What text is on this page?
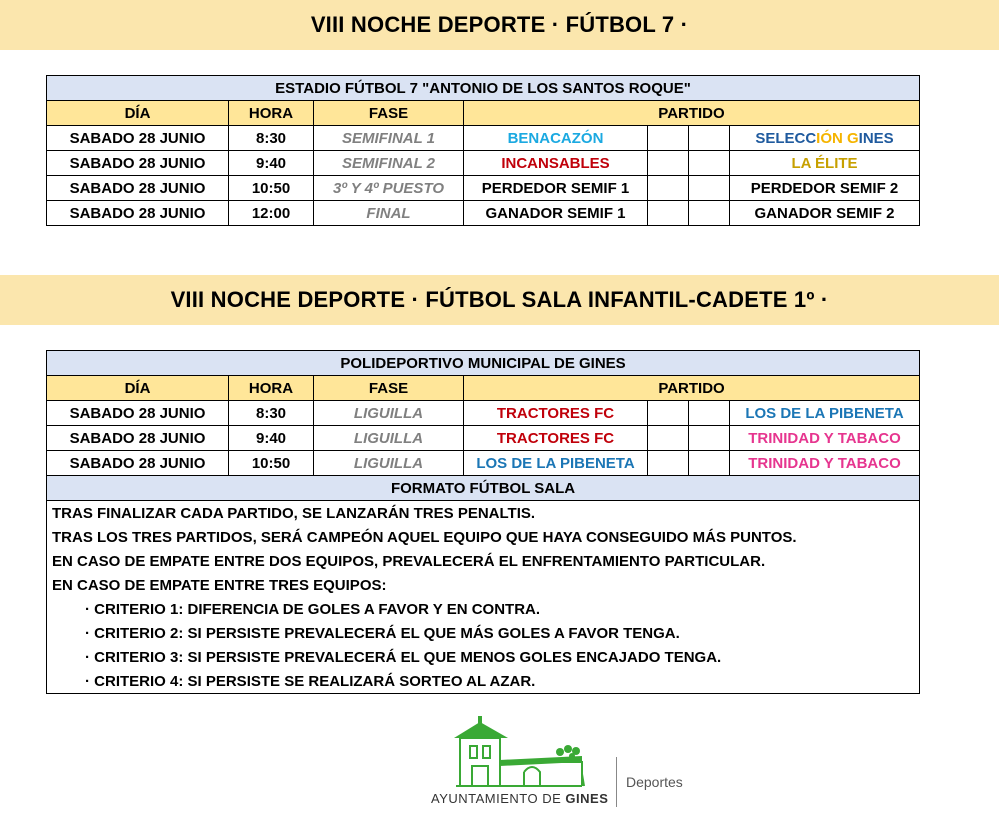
VIII NOCHE DEPORTE · FÚTBOL 7 ·
ESTADIO FÚTBOL 7 "ANTONIO DE LOS SANTOS ROQUE"						
DÍA	HORA	FASE	PARTIDO			
SABADO 28 JUNIO	8:30	SEMIFINAL 1	BENACAZÓN			SELECCIÓN GINES
SABADO 28 JUNIO	9:40	SEMIFINAL 2	INCANSABLES			LA ÉLITE
SABADO 28 JUNIO	10:50	3º Y 4º PUESTO	PERDEDOR SEMIF 1			PERDEDOR SEMIF 2
SABADO 28 JUNIO	12:00	FINAL	GANADOR SEMIF 1			GANADOR SEMIF 2
VIII NOCHE DEPORTE · FÚTBOL SALA INFANTIL-CADETE 1º ·
POLIDEPORTIVO MUNICIPAL DE GINES						
DÍA	HORA	FASE	PARTIDO			
SABADO 28 JUNIO	8:30	LIGUILLA	TRACTORES FC			LOS DE LA PIBENETA
SABADO 28 JUNIO	9:40	LIGUILLA	TRACTORES FC			TRINIDAD Y TABACO
SABADO 28 JUNIO	10:50	LIGUILLA	LOS DE LA PIBENETA			TRINIDAD Y TABACO
FORMATO FÚTBOL SALA						
TRAS FINALIZAR CADA PARTIDO, SE LANZARÁN TRES PENALTIS.						
TRAS LOS TRES PARTIDOS, SERÁ CAMPEÓN AQUEL EQUIPO QUE HAYA CONSEGUIDO MÁS PUNTOS.						
EN CASO DE EMPATE ENTRE DOS EQUIPOS, PREVALECERÁ EL ENFRENTAMIENTO PARTICULAR.						
EN CASO DE EMPATE ENTRE TRES EQUIPOS:						
· CRITERIO 1: DIFERENCIA DE GOLES A FAVOR Y EN CONTRA.						
· CRITERIO 2: SI PERSISTE PREVALECERÁ EL QUE MÁS GOLES A FAVOR TENGA.						
· CRITERIO 3: SI PERSISTE PREVALECERÁ EL QUE MENOS GOLES ENCAJADO TENGA.						
· CRITERIO 4: SI PERSISTE SE REALIZARÁ SORTEO AL AZAR.						
AYUNTAMIENTO DE GINES
Deportes
